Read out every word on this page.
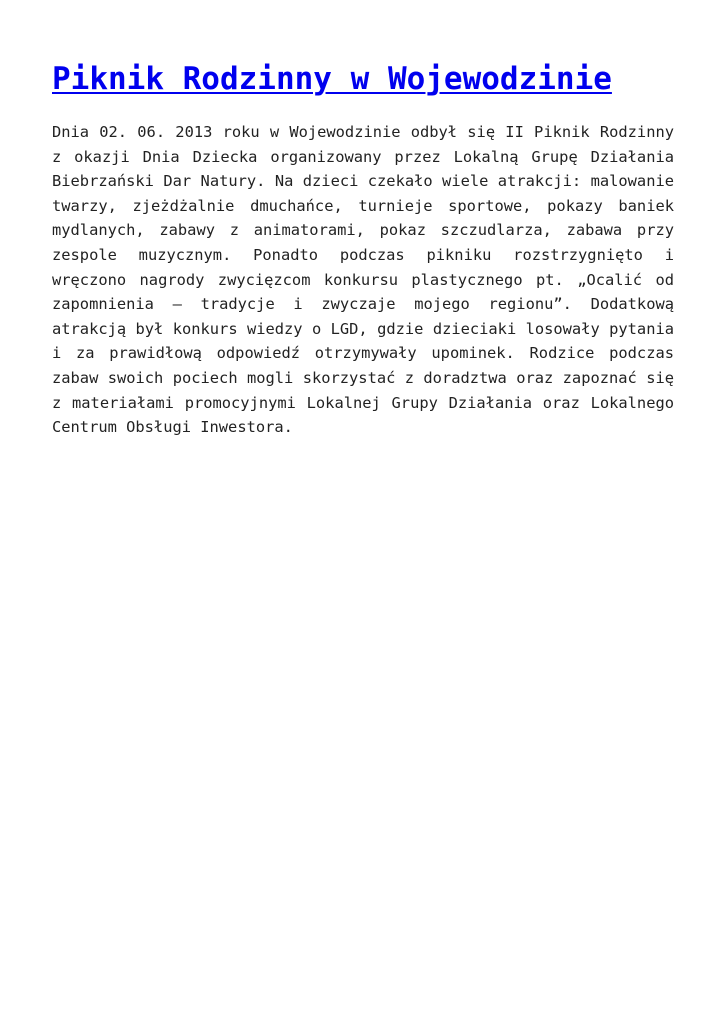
Piknik Rodzinny w Wojewodzinie

Dnia 02. 06. 2013 roku w Wojewodzinie odbył się II Piknik Rodzinny z okazji Dnia Dziecka organizowany przez Lokalną Grupę Działania Biebrzański Dar Natury. Na dzieci czekało wiele atrakcji: malowanie twarzy, zjeżdżalnie dmuchańce, turnieje sportowe, pokazy baniek mydlanych, zabawy z animatorami, pokaz szczudlarza, zabawa przy zespole muzycznym. Ponadto podczas pikniku rozstrzygnięto i wręczono nagrody zwycięzcom konkursu plastycznego pt. „Ocalić od zapomnienia – tradycje i zwyczaje mojego regionu”. Dodatkową atrakcją był konkurs wiedzy o LGD, gdzie dzieciaki losowały pytania i za prawidłową odpowiedź otrzymywały upominek. Rodzice podczas zabaw swoich pociech mogli skorzystać z doradztwa oraz zapoznać się z materiałami promocyjnymi Lokalnej Grupy Działania oraz Lokalnego Centrum Obsługi Inwestora.
